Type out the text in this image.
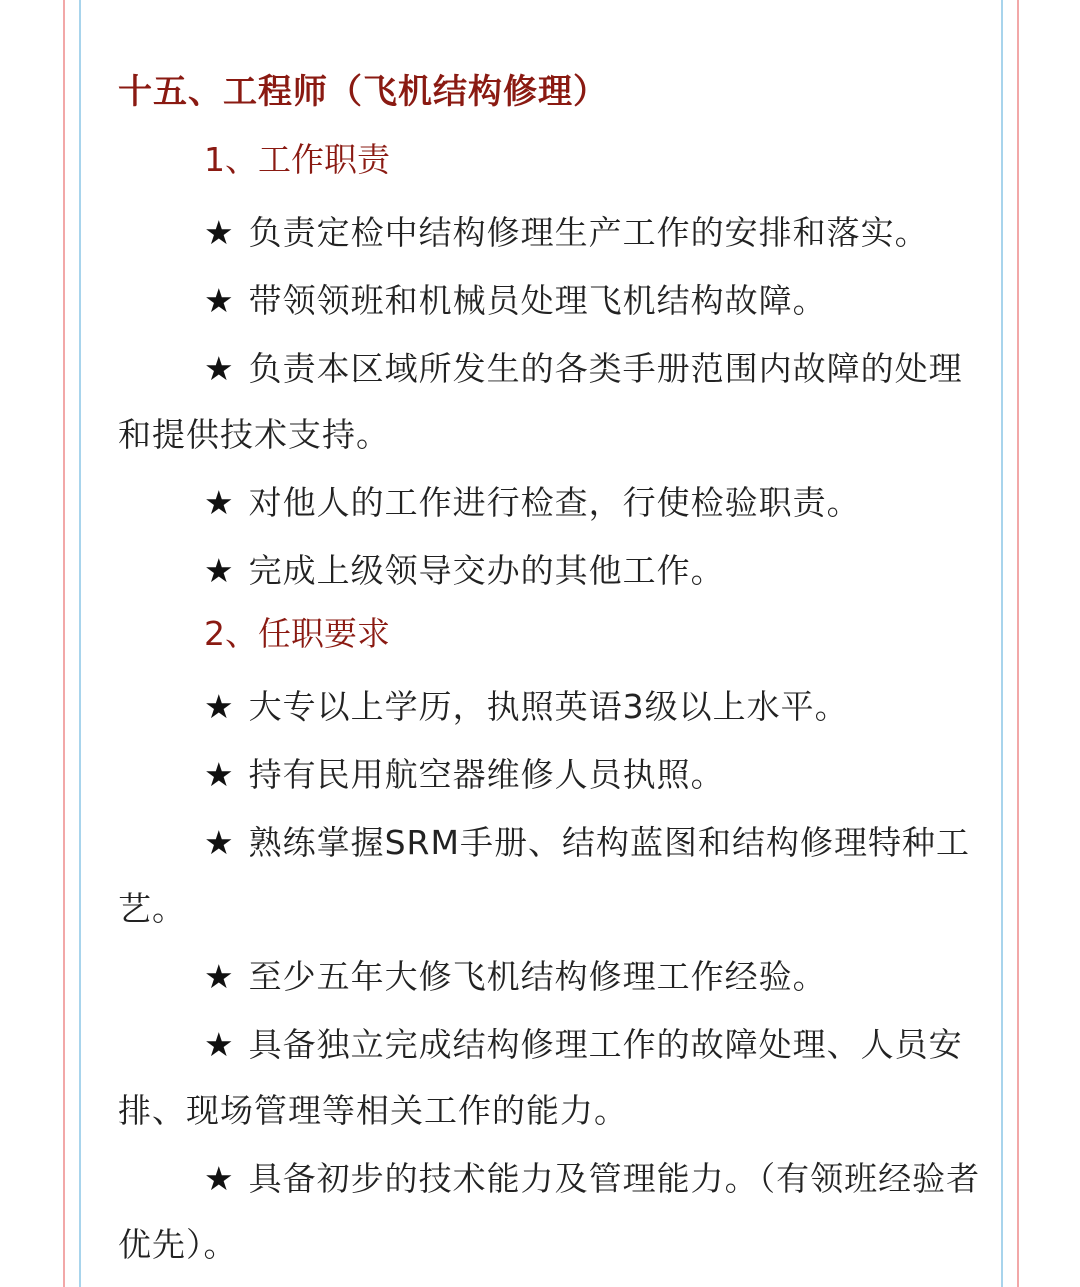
十五、工程师（飞机结构修理）
1、工作职责
★ 负责定检中结构修理生产工作的安排和落实。
★ 带领领班和机械员处理飞机结构故障。
★ 负责本区域所发生的各类手册范围内故障的处理和提供技术支持。
★ 对他人的工作进行检查，行使检验职责。
★ 完成上级领导交办的其他工作。
2、任职要求
★ 大专以上学历，执照英语3级以上水平。
★ 持有民用航空器维修人员执照。
★ 熟练掌握SRM手册、结构蓝图和结构修理特种工艺。
★ 至少五年大修飞机结构修理工作经验。
★ 具备独立完成结构修理工作的故障处理、人员安排、现场管理等相关工作的能力。
★ 具备初步的技术能力及管理能力。（有领班经验者优先）。
